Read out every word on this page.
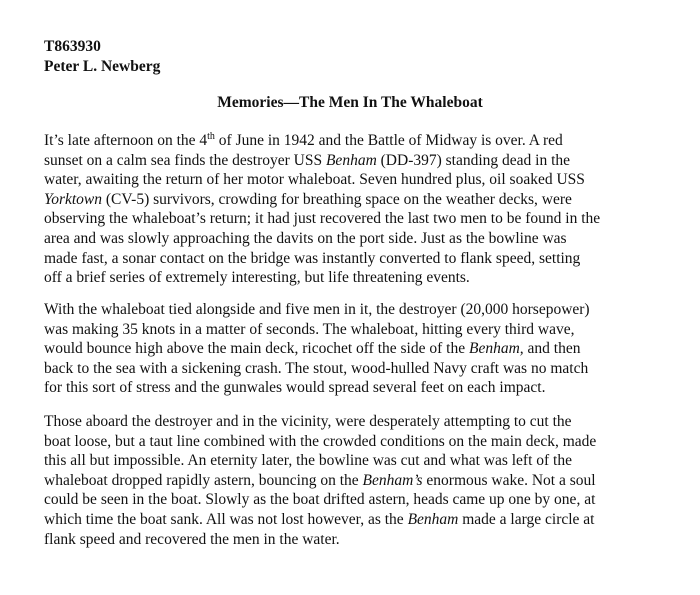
T863930
Peter L. Newberg
Memories—The Men In The Whaleboat
It’s late afternoon on the 4th of June in 1942 and the Battle of Midway is over. A red
sunset on a calm sea finds the destroyer USS Benham (DD-397) standing dead in the
water, awaiting the return of her motor whaleboat. Seven hundred plus, oil soaked USS
Yorktown (CV-5) survivors, crowding for breathing space on the weather decks, were
observing the whaleboat’s return; it had just recovered the last two men to be found in the
area and was slowly approaching the davits on the port side. Just as the bowline was
made fast, a sonar contact on the bridge was instantly converted to flank speed, setting
off a brief series of extremely interesting, but life threatening events.
With the whaleboat tied alongside and five men in it, the destroyer (20,000 horsepower)
was making 35 knots in a matter of seconds. The whaleboat, hitting every third wave,
would bounce high above the main deck, ricochet off the side of the Benham, and then
back to the sea with a sickening crash. The stout, wood-hulled Navy craft was no match
for this sort of stress and the gunwales would spread several feet on each impact.
Those aboard the destroyer and in the vicinity, were desperately attempting to cut the
boat loose, but a taut line combined with the crowded conditions on the main deck, made
this all but impossible. An eternity later, the bowline was cut and what was left of the
whaleboat dropped rapidly astern, bouncing on the Benham’s enormous wake. Not a soul
could be seen in the boat. Slowly as the boat drifted astern, heads came up one by one, at
which time the boat sank. All was not lost however, as the Benham made a large circle at
flank speed and recovered the men in the water.
